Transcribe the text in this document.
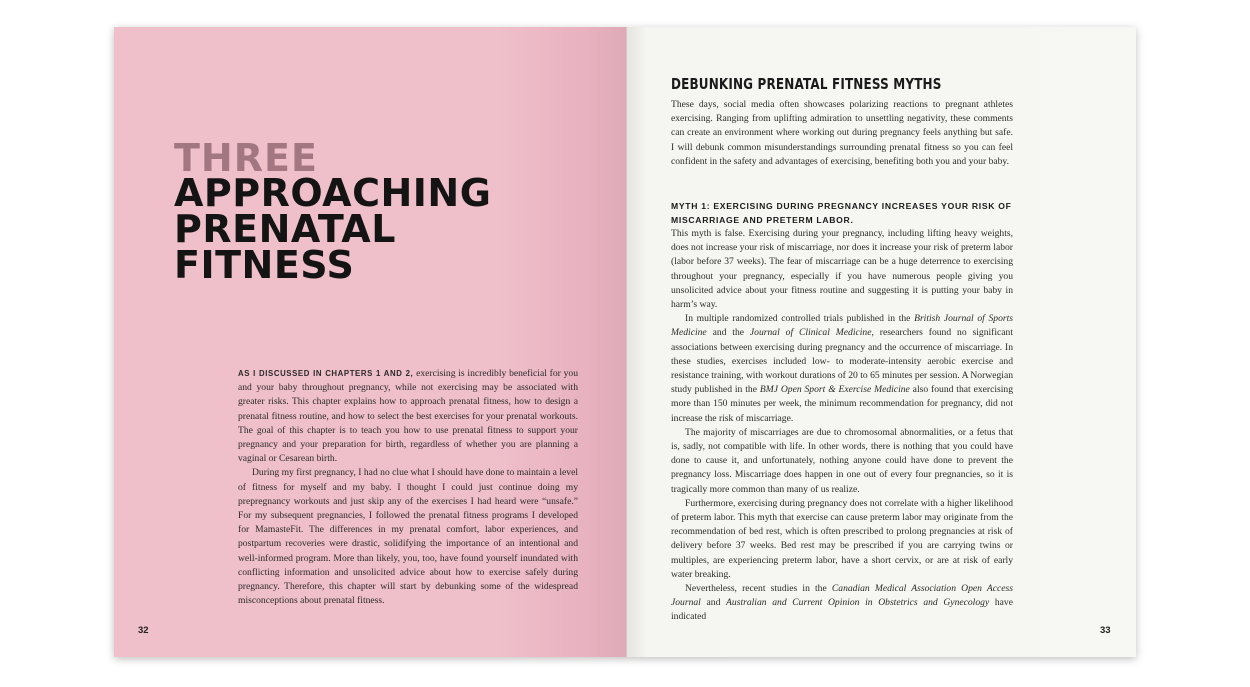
THREE
APPROACHING
PRENATAL
FITNESS

AS I DISCUSSED IN CHAPTERS 1 AND 2, exercising is incredibly beneficial for you and your baby throughout pregnancy, while not exercising may be associated with greater risks. This chapter explains how to approach prenatal fitness, how to design a prenatal fitness routine, and how to select the best exercises for your prenatal workouts. The goal of this chapter is to teach you how to use prenatal fitness to support your pregnancy and your preparation for birth, regardless of whether you are planning a vaginal or Cesarean birth.

During my first pregnancy, I had no clue what I should have done to maintain a level of fitness for myself and my baby. I thought I could just continue doing my prepregnancy workouts and just skip any of the exercises I had heard were “unsafe.” For my subsequent pregnancies, I followed the prenatal fitness programs I developed for MamasteFit. The differences in my prenatal comfort, labor experiences, and postpartum recoveries were drastic, solidifying the importance of an intentional and well-informed program. More than likely, you, too, have found yourself inundated with conflicting information and unsolicited advice about how to exercise safely during pregnancy. Therefore, this chapter will start by debunking some of the widespread misconceptions about prenatal fitness.

32
DEBUNKING PRENATAL FITNESS MYTHS

These days, social media often showcases polarizing reactions to pregnant athletes exercising. Ranging from uplifting admiration to unsettling negativity, these comments can create an environment where working out during pregnancy feels anything but safe. I will debunk common misunderstandings surrounding prenatal fitness so you can feel confident in the safety and advantages of exercising, benefiting both you and your baby.

MYTH 1: EXERCISING DURING PREGNANCY INCREASES YOUR RISK OF MISCARRIAGE AND PRETERM LABOR.

This myth is false. Exercising during your pregnancy, including lifting heavy weights, does not increase your risk of miscarriage, nor does it increase your risk of preterm labor (labor before 37 weeks). The fear of miscarriage can be a huge deterrence to exercising throughout your pregnancy, especially if you have numerous people giving you unsolicited advice about your fitness routine and suggesting it is putting your baby in harm’s way.

In multiple randomized controlled trials published in the British Journal of Sports Medicine and the Journal of Clinical Medicine, researchers found no significant associations between exercising during pregnancy and the occurrence of miscarriage. In these studies, exercises included low- to moderate-intensity aerobic exercise and resistance training, with workout durations of 20 to 65 minutes per session. A Norwegian study published in the BMJ Open Sport & Exercise Medicine also found that exercising more than 150 minutes per week, the minimum recommendation for pregnancy, did not increase the risk of miscarriage.

The majority of miscarriages are due to chromosomal abnormalities, or a fetus that is, sadly, not compatible with life. In other words, there is nothing that you could have done to cause it, and unfortunately, nothing anyone could have done to prevent the pregnancy loss. Miscarriage does happen in one out of every four pregnancies, so it is tragically more common than many of us realize.

Furthermore, exercising during pregnancy does not correlate with a higher likelihood of preterm labor. This myth that exercise can cause preterm labor may originate from the recommendation of bed rest, which is often prescribed to prolong pregnancies at risk of delivery before 37 weeks. Bed rest may be prescribed if you are carrying twins or multiples, are experiencing preterm labor, have a short cervix, or are at risk of early water breaking.

Nevertheless, recent studies in the Canadian Medical Association Open Access Journal and Australian and Current Opinion in Obstetrics and Gynecology have indicated

33
